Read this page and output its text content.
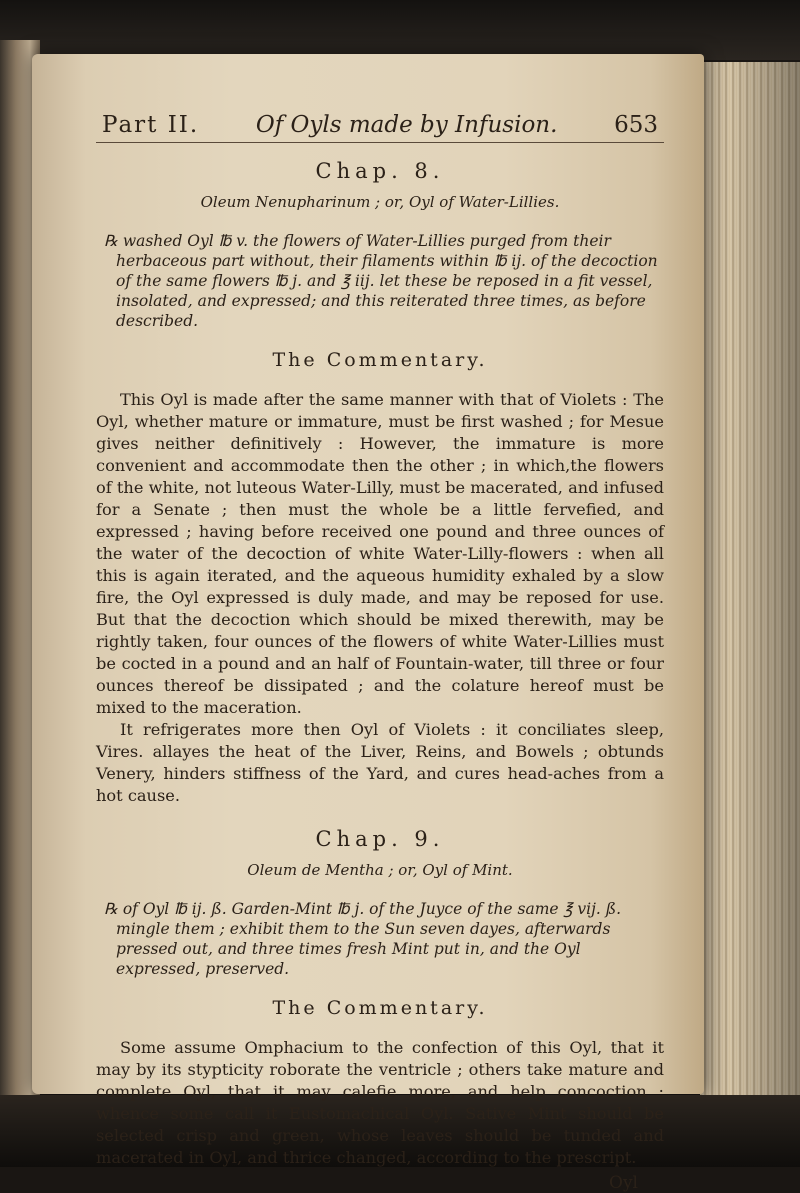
Part II. Of Oyls made by Infusion. 653
Chap. 8.
Oleum Nenupharinum ; or, Oyl of Water-Lillies.
℞ washed Oyl ℔ v. the flowers of Water-Lillies purged from their herbaceous part without, their filaments within ℔ ij. of the decoction of the same flowers ℔ j. and ℥ iij. let these be reposed in a fit vessel, insolated, and expressed; and this reiterated three times, as before described.
The Commentary.

This Oyl is made after the same manner with that of Violets : The Oyl, whether mature or immature, must be first washed ; for Mesue gives neither definitively : However, the immature is more convenient and accommodate then the other ; in which,the flowers of the white, not luteous Water-Lilly, must be macerated, and infused for a Senate ; then must the whole be a little fervefied, and expressed ; having before received one pound and three ounces of the water of the decoction of white Water-Lilly-flowers : when all this is again iterated, and the aqueous humidity exhaled by a slow fire, the Oyl expressed is duly made, and may be reposed for use. But that the decoction which should be mixed therewith, may be rightly taken, four ounces of the flowers of white Water-Lillies must be cocted in a pound and an half of Fountain-water, till three or four ounces thereof be dissipated ; and the colature hereof must be mixed to the maceration.

It refrigerates more then Oyl of Violets : it conciliates sleep, Vires. allayes the heat of the Liver, Reins, and Bowels ; obtunds Venery, hinders stiffness of the Yard, and cures head-aches from a hot cause.

Chap. 9.
Oleum de Mentha ; or, Oyl of Mint.
℞ of Oyl ℔ ij. ß. Garden-Mint ℔ j. of the Juyce of the same ℥ vij. ß. mingle them ; exhibit them to the Sun seven dayes, afterwards pressed out, and three times fresh Mint put in, and the Oyl expressed, preserved.
The Commentary.

Some assume Omphacium to the confection of this Oyl, that it may by its stypticity roborate the ventricle ; others take mature and complete Oyl, that it may calefie more, and help concoction : whence some call it Eustomachical Oyl. Sative Mint should be selected crisp and green, whose leaves should be tunded and macerated in Oyl, and thrice changed, according to the prescript.

Oyl
